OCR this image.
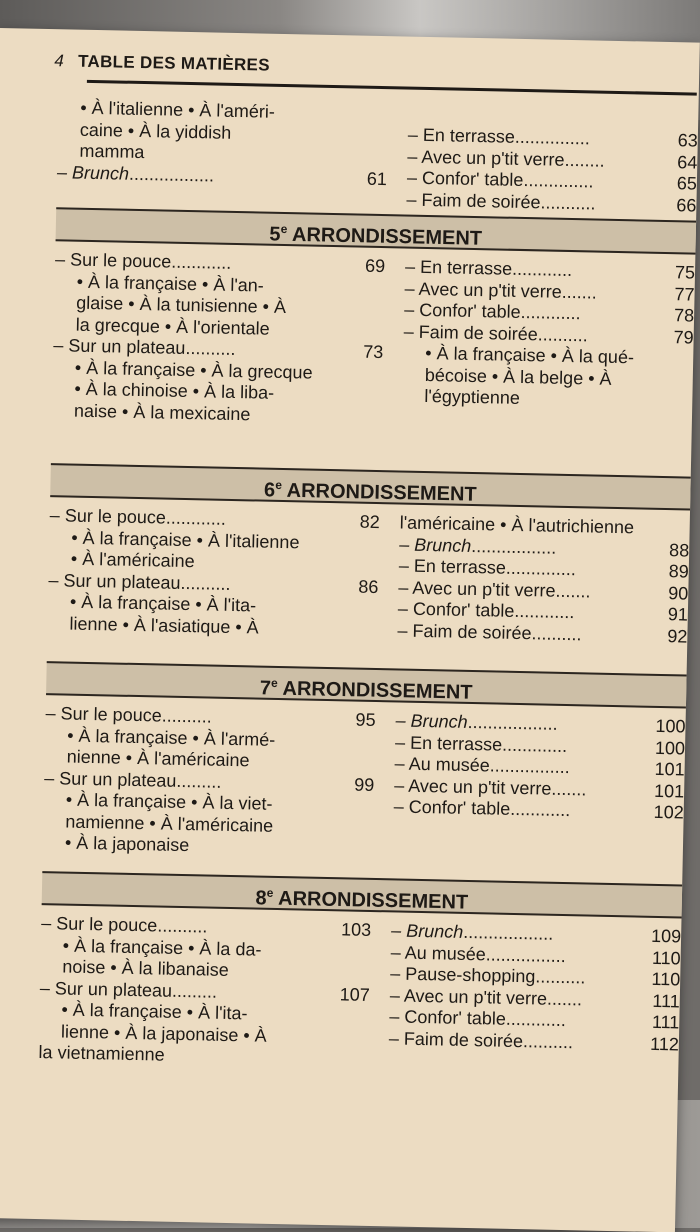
4 TABLE DES MATIÈRES
• À l'italienne • À l'améri-
caine • À la yiddish
mamma
– Brunch.................	61
– En terrasse...............	63
– Avec un p'tit verre........	64
– Confor' table..............	65
– Faim de soirée...........	66
5e ARRONDISSEMENT
– Sur le pouce............	69
• À la française • À l'an-
glaise • À la tunisienne • À
la grecque • À l'orientale
– Sur un plateau..........	73
• À la française • À la grecque
• À la chinoise • À la liba-
naise • À la mexicaine
– En terrasse............	75
– Avec un p'tit verre.......	77
– Confor' table............	78
– Faim de soirée..........	79
• À la française • À la qué-
bécoise • À la belge • À
l'égyptienne
6e ARRONDISSEMENT
– Sur le pouce............	82
• À la française • À l'italienne
• À l'américaine
– Sur un plateau..........	86
• À la française • À l'ita-
lienne • À l'asiatique • À
l'américaine • À l'autrichienne
– Brunch.................	88
– En terrasse..............	89
– Avec un p'tit verre.......	90
– Confor' table............	91
– Faim de soirée..........	92
7e ARRONDISSEMENT
– Sur le pouce..........	95
• À la française • À l'armé-
nienne • À l'américaine
– Sur un plateau.........	99
• À la française • À la viet-
namienne • À l'américaine
• À la japonaise
– Brunch..................	100
– En terrasse.............	100
– Au musée................	101
– Avec un p'tit verre.......	101
– Confor' table............	102
8e ARRONDISSEMENT
– Sur le pouce..........	103
• À la française • À la da-
noise • À la libanaise
– Sur un plateau.........	107
• À la française • À l'ita-
lienne • À la japonaise • À
la vietnamienne
– Brunch..................	109
– Au musée................	110
– Pause-shopping..........	110
– Avec un p'tit verre.......	111
– Confor' table............	111
– Faim de soirée..........	112
